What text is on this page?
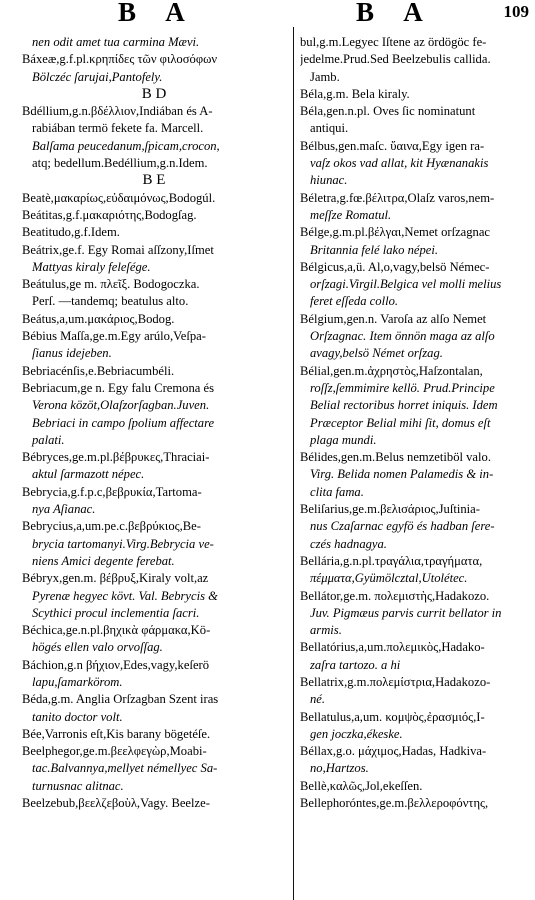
B A	B A	109
nen odit amet tua carmina Mævi.
Báxeæ,g.f.pl.κρηπίδες τῶν φιλοσόφων
Bölczéc ſarujai,Pantofely.
B D
Bdéllium,g.n.βδέλλιον,Indiában és A-
rabiában termö fekete fa. Marcell.
Balſama peucedanum,ſpicam,crocon,
atq; bedellum.Bedéllium,g.n.Idem.
B E
Beatè,μακαρίως,εὐδαιμόνως,Bodogúl.
Beátitas,g.f.μακαριότης,Bodogſag.
Beatitudo,g.f.Idem.
Beátrix,ge.f. Egy Romai aſſzony,Iſmet
Mattyas kiraly feleſége.
Beátulus,ge m. πλεῖξ. Bodogoczka.
Perſ. —tandemq; beatulus alto.
Beátus,a,um.μακάριος,Bodog.
Bébius Maſſa,ge.m.Egy arúlo,Veſpa-
ſianus idejeben.
Bebriacénſis,e.Bebriacumbéli.
Bebriacum,ge n. Egy falu Cremona és
Verona közöt,Olaſzorſagban.Juven.
Bebriaci in campo ſpolium affectare
palati.
Bébryces,ge.m.pl.βέβρυκες,Thraciai-
aktul ſarmazott népec.
Bebrycia,g.f.p.c,βεβρυκία,Tartoma-
nya Aſianac.
Bebrycius,a,um.pe.c.βεβρύκιος,Be-
brycia tartomanyi.Virg.Bebrycia ve-
niens Amici degente ferebat.
Bébryx,gen.m. βέβρυξ,Kiraly volt,az
Pyrenæ hegyec kövt. Val. Bebrycis &
Scythici procul inclementia ſacri.
Béchica,ge.n.pl.βηχικὰ φάρμακα,Kö-
högés ellen valo orvoſſag.
Báchion,g.n βήχιον,Edes,vagy,keſerö
lapu,ſamarkörom.
Béda,g.m. Anglia Orſzagban Szent iras
tanito doctor volt.
Bée,Varronis eſt,Kis barany bögetéſe.
Beelphegor,ge.m.βεελφεγὼρ,Moabi-
tac.Balvannya,mellyet némellyec Sa-
turnusnac alitnac.
Beelzebub,βεελζεβοὺλ,Vagy. Beelze-
bul,g.m.Legyec Iſtene az ördögöc fe-
jedelme.Prud.Sed Beelzebulis callida.
Jamb.
Béla,g.m. Bela kiraly.
Béla,gen.n.pl. Oves ſic nominatunt
antiqui.
Bélbus,gen.maſc. ὕαινα,Egy igen ra-
vaſz okos vad allat, kit Hyænanakis
hiunac.
Béletra,g.fœ.βέλιτρα,Olaſz varos,nem-
meſſze Romatul.
Bélge,g.m.pl.βέλγαι,Nemet orſzagnac
Britannia felé lako népei.
Bélgicus,a,ü. Al,o,vagy,belsö Némec-
orſzagi.Virgil.Belgica vel molli melius
feret eſſeda collo.
Bélgium,gen.n. Varoſa az alſo Nemet
Orſzagnac. Item önnön maga az alſo
avagy,belsö Német orſzag.
Bélial,gen.m.ἀχρηστὸς,Haſzontalan,
roſſz,ſemmimire kellö. Prud.Principe
Belial rectoribus horret iniquis. Idem
Præceptor Belial mihi ſit, domus eſt
plaga mundi.
Bélides,gen.m.Belus nemzetiböl valo.
Virg. Belida nomen Palamedis & in-
clita fama.
Beliſarius,ge.m.βελισάριος,Juſtinia-
nus Czaſarnac egyfö és hadban ſere-
czés hadnagya.
Bellária,g.n.pl.τραγάλια,τραγήματα,
πέμματα,Gyümölcztal,Utolétec.
Bellátor,ge.m. πολεμιστὴς,Hadakozo.
Juv. Pigmæus parvis currit bellator in
armis.
Bellatórius,a,um.πολεμικὸς,Hadako-
zaſra tartozo. a hi
Bellatrix,g.m.πολεμίστρια,Hadakozo-
né.
Bellatulus,a,um. κομψὸς,ἐρασμιός,I-
gen joczka,ékeske.
Béllax,g.o. μάχιμος,Hadas, Hadkiva-
no,Hartzos.
Bellè,καλῶς,Jol,ekeſſen.
Bellephoróntes,ge.m.βελλεροφόντης,
